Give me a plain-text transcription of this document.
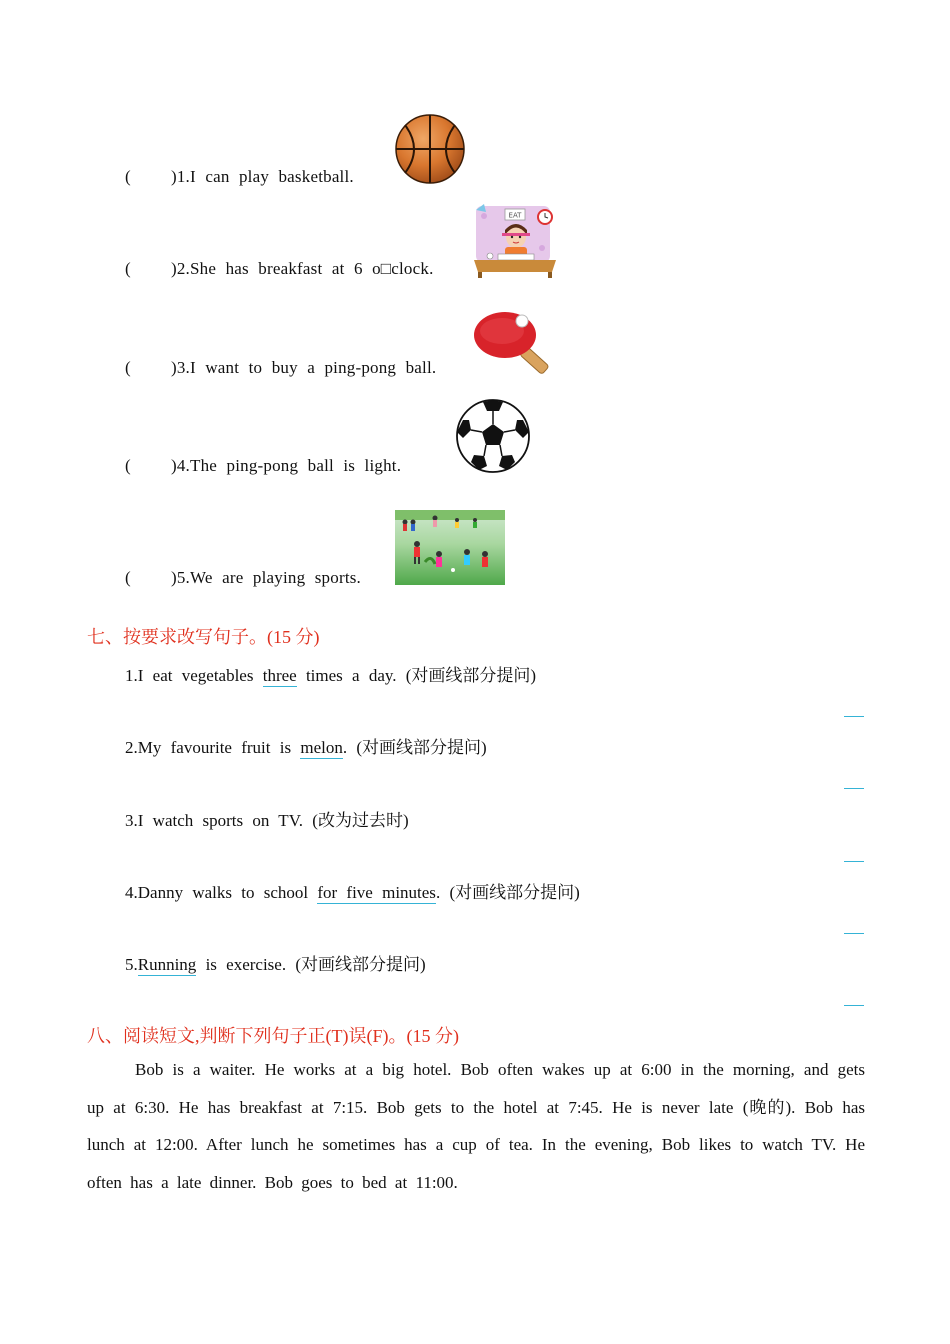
( )1.I can play basketball.
( )2.She has breakfast at 6 o□clock.
( )3.I want to buy a ping-pong ball.
( )4.The ping-pong ball is light.
( )5.We are playing sports.
EAT
七、按要求改写句子。(15 分)
1.I eat vegetables three times a day. (对画线部分提问)
2.My favourite fruit is melon. (对画线部分提问)
3.I watch sports on TV. (改为过去时)
4.Danny walks to school for five minutes. (对画线部分提问)
5.Running is exercise. (对画线部分提问)
八、阅读短文,判断下列句子正(T)误(F)。(15 分)
Bob is a waiter. He works at a big hotel. Bob often wakes up at 6:00 in the morning, and gets up at 6:30. He has breakfast at 7:15. Bob gets to the hotel at 7:45. He is never late (晚的). Bob has lunch at 12:00. After lunch he sometimes has a cup of tea. In the evening, Bob likes to watch TV. He often has a late dinner. Bob goes to bed at 11:00.
